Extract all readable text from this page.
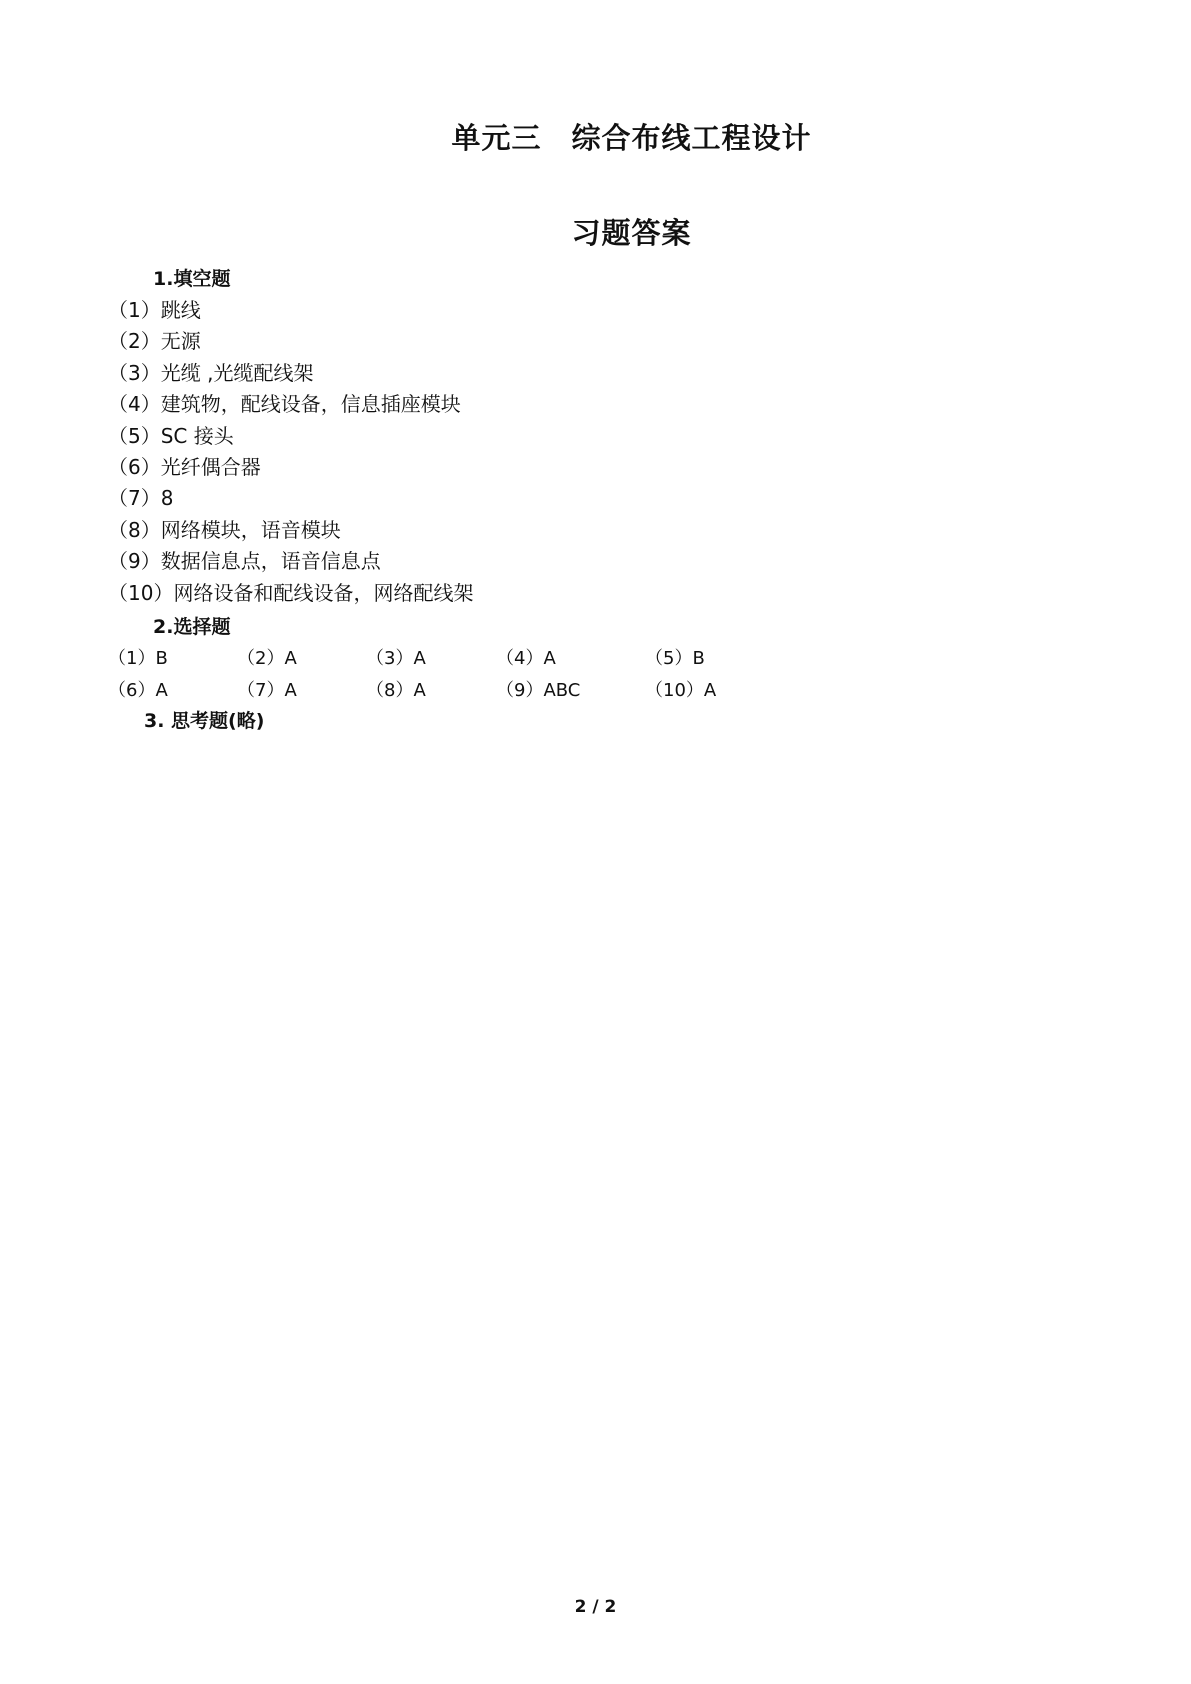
单元三　综合布线工程设计
习题答案
1.填空题
（1）跳线
（2）无源
（3）光缆 ,光缆配线架
（4）建筑物，配线设备，信息插座模块
（5）SC 接头
（6）光纤偶合器
（7）8
（8）网络模块，语音模块
（9）数据信息点，语音信息点
（10）网络设备和配线设备，网络配线架
2.选择题
（1）B	（2）A	（3）A	（4）A	（5）B
（6）A	（7）A	（8）A	（9）ABC	（10）A
3. 思考题(略)
2 / 2
